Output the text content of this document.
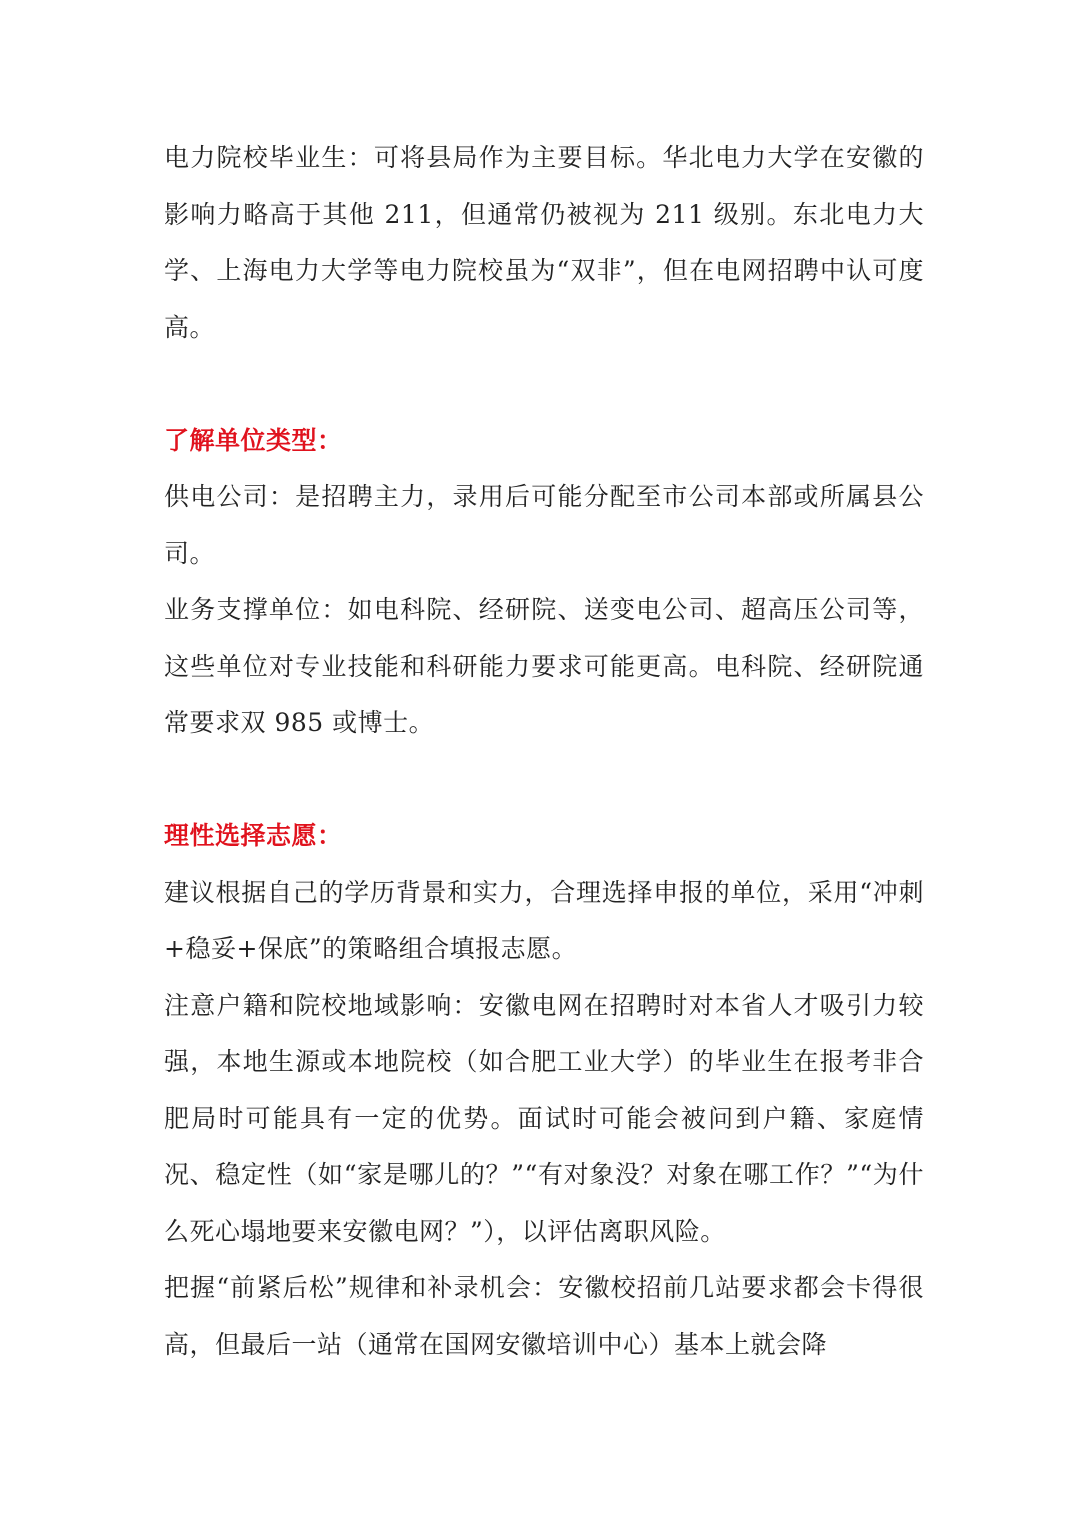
电力院校毕业生：可将县局作为主要目标。华北电力大学在安徽的影响力略高于其他 211，但通常仍被视为 211 级别。东北电力大学、上海电力大学等电力院校虽为“双非”，但在电网招聘中认可度高。

了解单位类型：

供电公司：是招聘主力，录用后可能分配至市公司本部或所属县公司。

业务支撑单位：如电科院、经研院、送变电公司、超高压公司等，这些单位对专业技能和科研能力要求可能更高。电科院、经研院通常要求双 985 或博士。

理性选择志愿：

建议根据自己的学历背景和实力，合理选择申报的单位，采用“冲刺+稳妥+保底”的策略组合填报志愿。

注意户籍和院校地域影响：安徽电网在招聘时对本省人才吸引力较强，本地生源或本地院校（如合肥工业大学）的毕业生在报考非合肥局时可能具有一定的优势。面试时可能会被问到户籍、家庭情况、稳定性（如“家是哪儿的？”“有对象没？对象在哪工作？”“为什么死心塌地要来安徽电网？”），以评估离职风险。

把握“前紧后松”规律和补录机会：安徽校招前几站要求都会卡得很高，但最后一站（通常在国网安徽培训中心）基本上就会降
